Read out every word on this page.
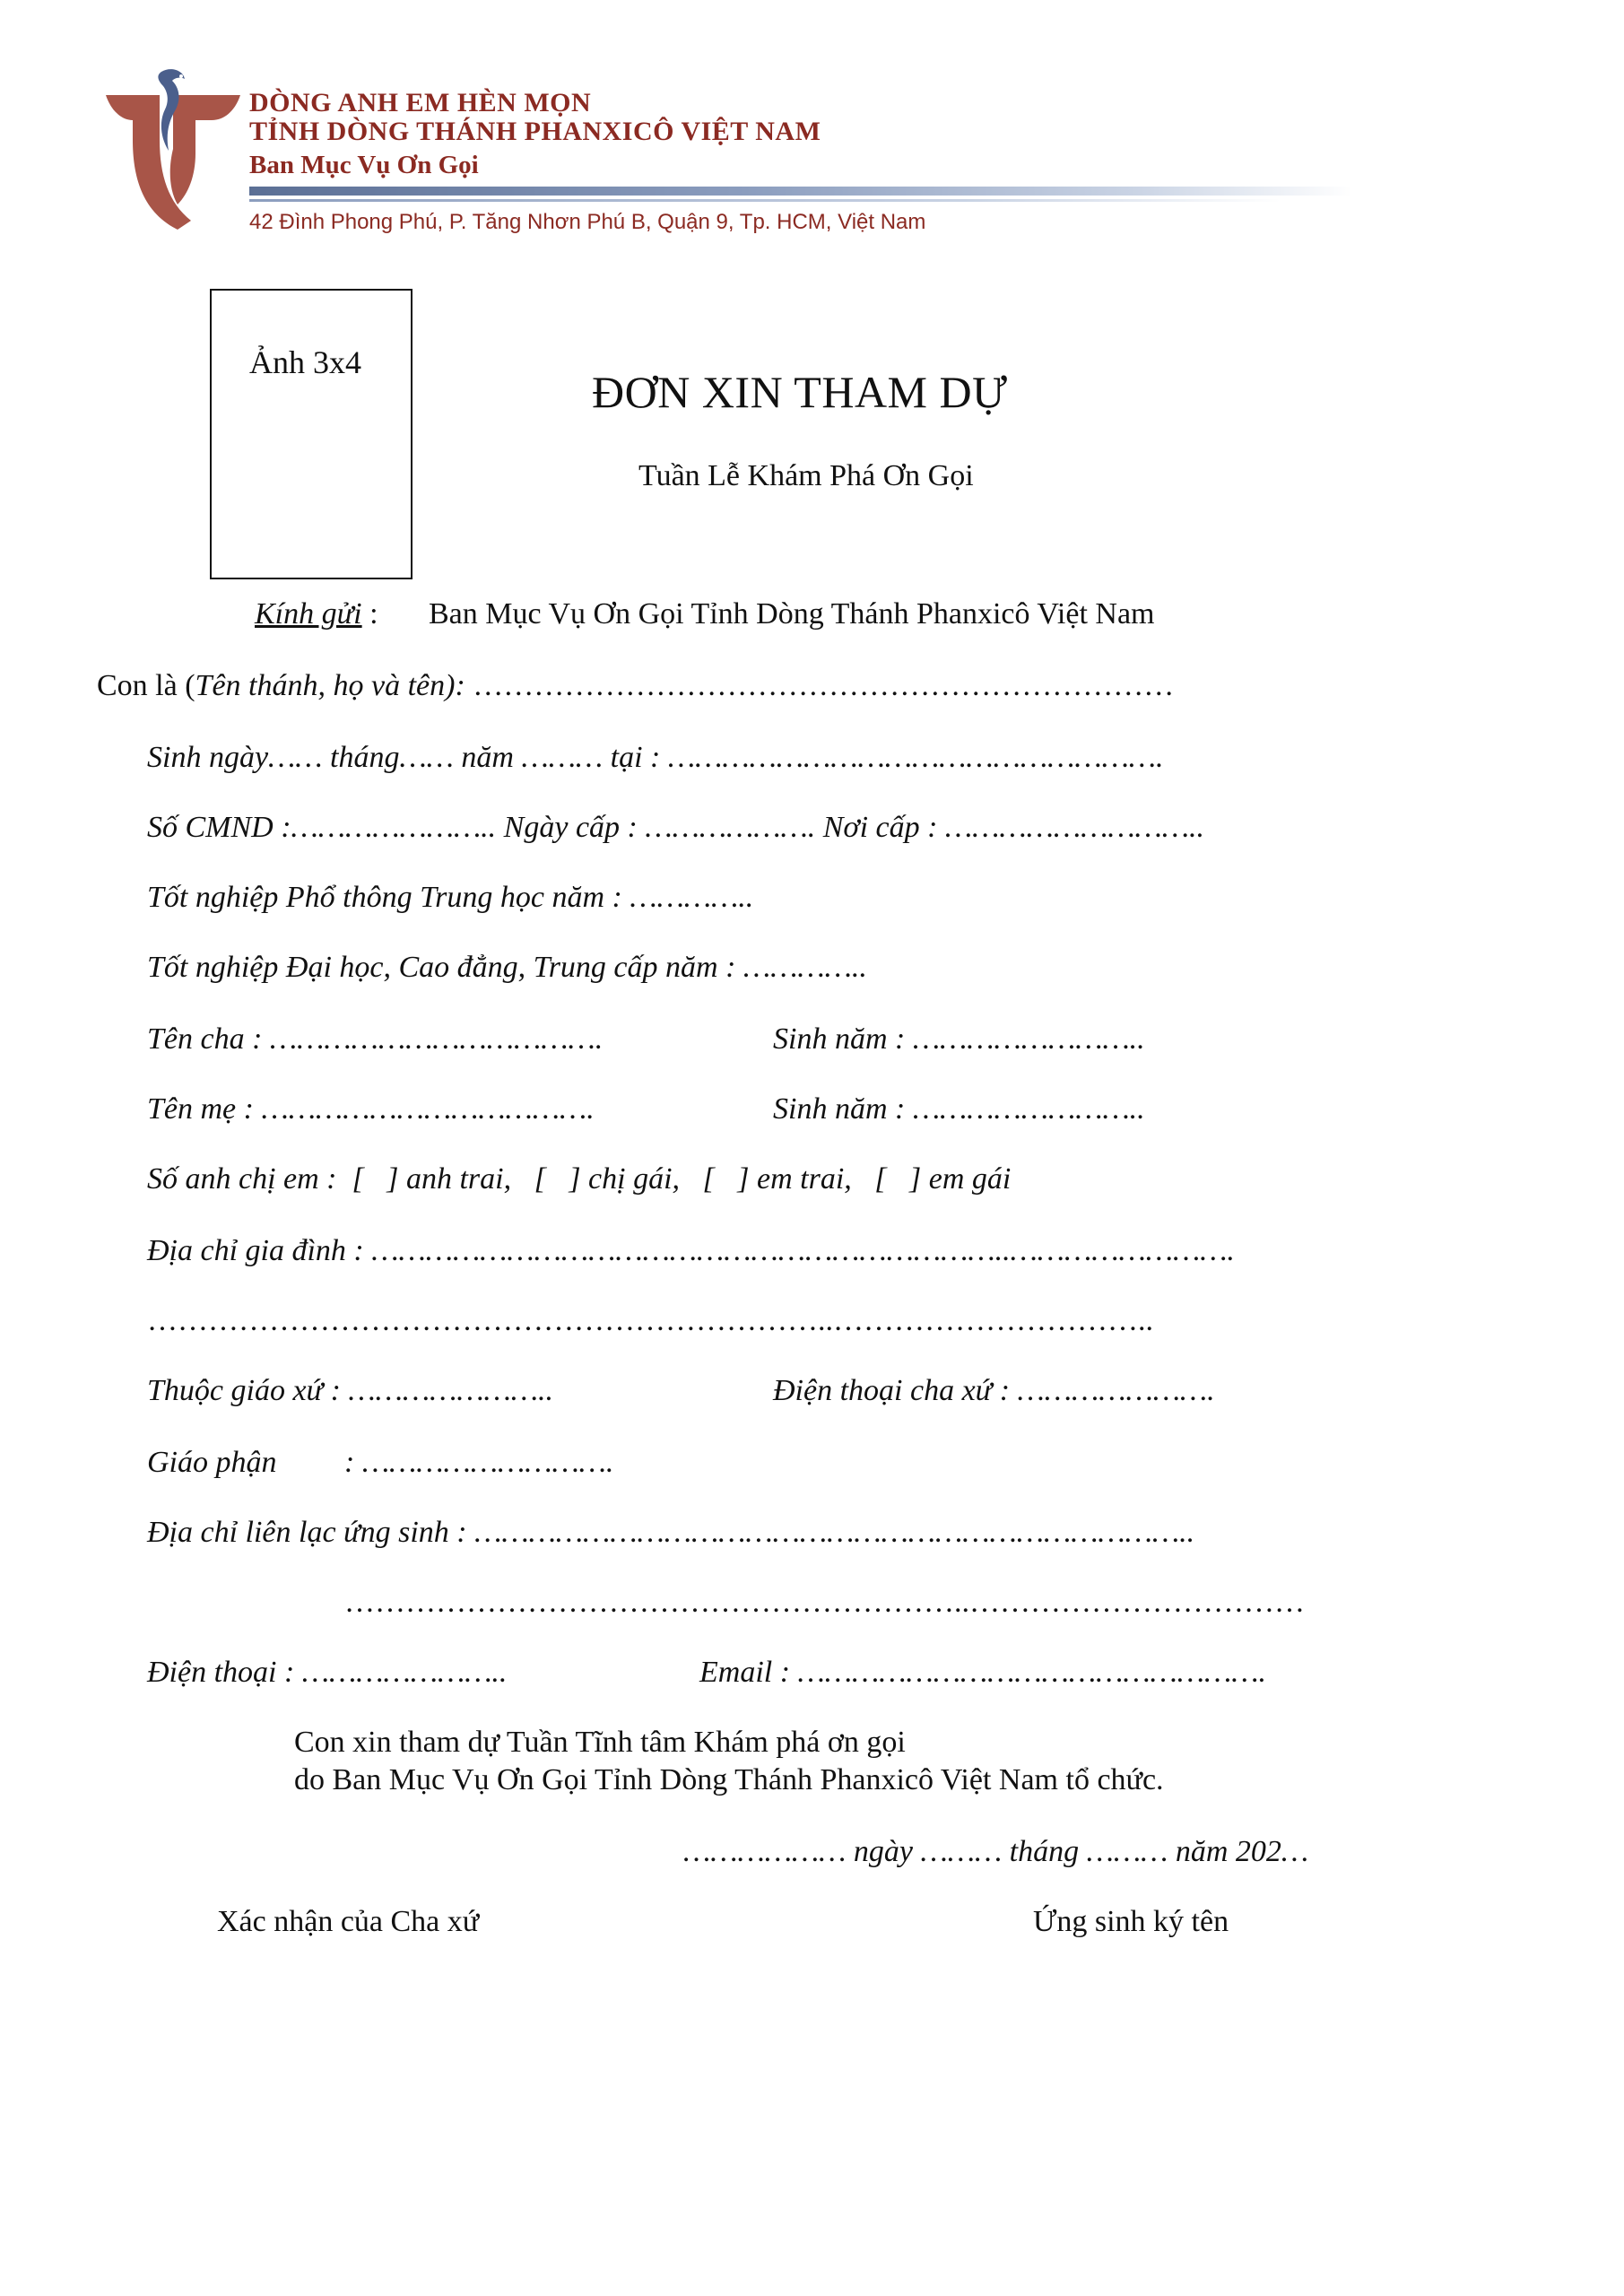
DÒNG ANH EM HÈN MỌN
TỈNH DÒNG THÁNH PHANXICÔ VIỆT NAM
Ban Mục Vụ Ơn Gọi
42 Đình Phong Phú, P. Tăng Nhơn Phú B, Quận 9, Tp. HCM, Việt Nam
Ảnh 3x4
ĐƠN XIN THAM DỰ
Tuần Lễ Khám Phá Ơn Gọi
Kính gửi : Ban Mục Vụ Ơn Gọi Tỉnh Dòng Thánh Phanxicô Việt Nam
Con là (Tên thánh, họ và tên): ……………………………………………………………
Sinh ngày…… tháng…… năm ……… tại : ……………………………………………….
Số CMND :………………….. Ngày cấp : ………………. Nơi cấp : ………………………..
Tốt nghiệp Phổ thông Trung học năm : …………..
Tốt nghiệp Đại học, Cao đẳng, Trung cấp năm : …………..
Tên cha : ……………………………….	Sinh năm : ……………………..
Tên mẹ : ……………………………….	Sinh năm : ……………………..
Số anh chị em :  [   ] anh trai,   [   ] chị gái,   [   ] em trai,   [   ] em gái
Địa chỉ gia đình : ……………………………………………………………..…………………….
…………………………………………………………..…………………………..
Thuộc giáo xứ : …………………..	Điện thoại cha xứ : ………………….
Giáo phận : ……………………….
Địa chỉ liên lạc ứng sinh : ……………………………………………………………………..
……………………………………………………..……………………………
Điện thoại : …………………..	Email : …………………………………………….
Con xin tham dự Tuần Tĩnh tâm Khám phá ơn gọi
do Ban Mục Vụ Ơn Gọi Tỉnh Dòng Thánh Phanxicô Việt Nam tổ chức.
……………… ngày ……… tháng ……… năm 202…
Xác nhận của Cha xứ	Ứng sinh ký tên
